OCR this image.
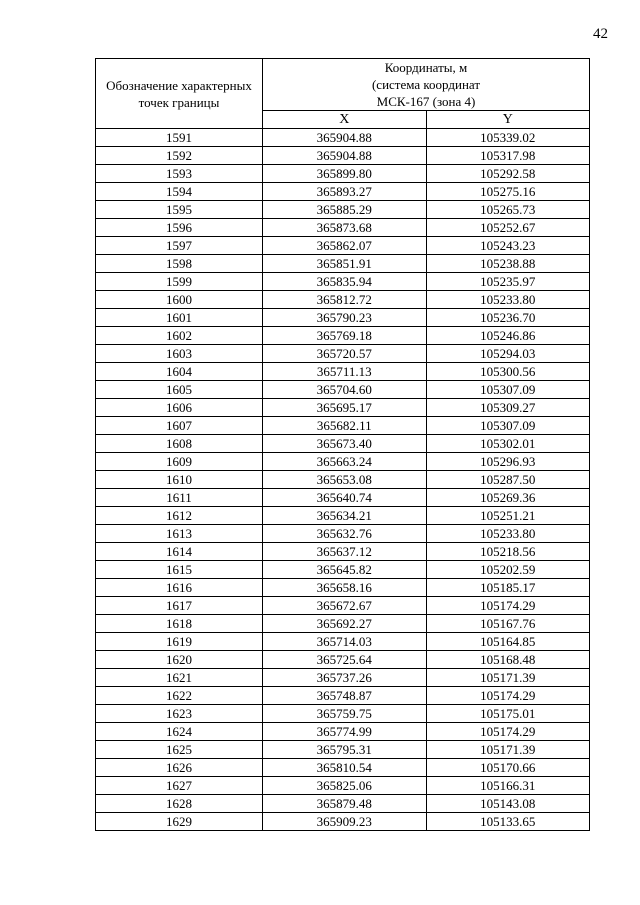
42
Обозначение характерных точек границы	Координаты, м
(система координат
МСК-167 (зона 4)	
	X	Y
1591	365904.88	105339.02
1592	365904.88	105317.98
1593	365899.80	105292.58
1594	365893.27	105275.16
1595	365885.29	105265.73
1596	365873.68	105252.67
1597	365862.07	105243.23
1598	365851.91	105238.88
1599	365835.94	105235.97
1600	365812.72	105233.80
1601	365790.23	105236.70
1602	365769.18	105246.86
1603	365720.57	105294.03
1604	365711.13	105300.56
1605	365704.60	105307.09
1606	365695.17	105309.27
1607	365682.11	105307.09
1608	365673.40	105302.01
1609	365663.24	105296.93
1610	365653.08	105287.50
1611	365640.74	105269.36
1612	365634.21	105251.21
1613	365632.76	105233.80
1614	365637.12	105218.56
1615	365645.82	105202.59
1616	365658.16	105185.17
1617	365672.67	105174.29
1618	365692.27	105167.76
1619	365714.03	105164.85
1620	365725.64	105168.48
1621	365737.26	105171.39
1622	365748.87	105174.29
1623	365759.75	105175.01
1624	365774.99	105174.29
1625	365795.31	105171.39
1626	365810.54	105170.66
1627	365825.06	105166.31
1628	365879.48	105143.08
1629	365909.23	105133.65
